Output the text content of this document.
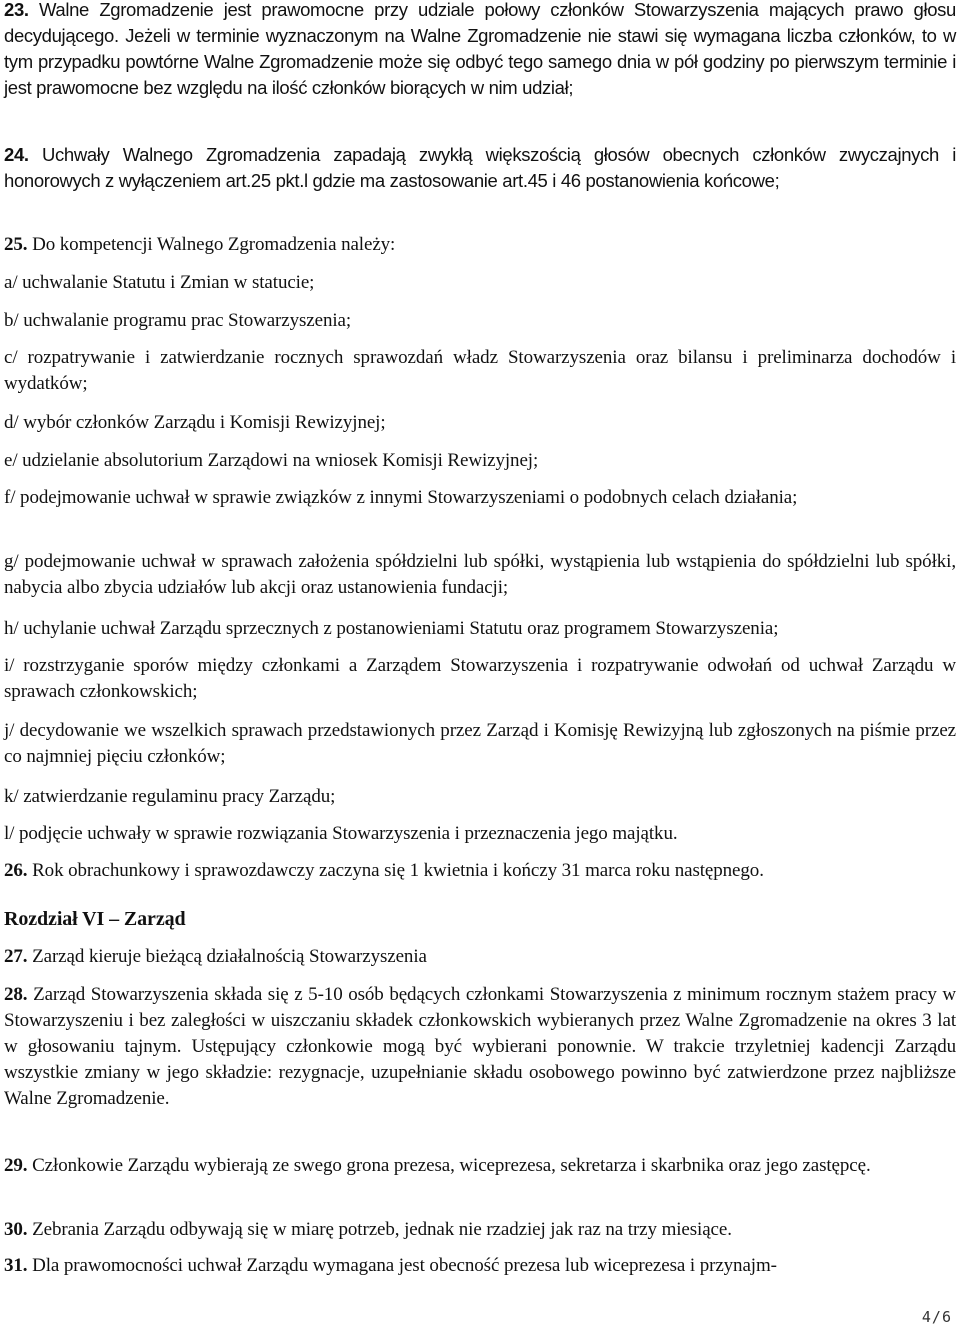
23. Walne Zgromadzenie jest prawomocne przy udziale połowy członków Stowarzyszenia mających prawo głosu decydującego. Jeżeli w terminie wyznaczonym na Walne Zgromadzenie nie stawi się wymagana liczba członków, to w tym przypadku powtórne Walne Zgromadzenie może się odbyć tego samego dnia w pół godziny po pierwszym terminie i jest prawomocne bez względu na ilość członków biorących w nim udział;

24. Uchwały Walnego Zgromadzenia zapadają zwykłą większością głosów obecnych członków zwyczajnych i honorowych z wyłączeniem art.25 pkt.l gdzie ma zastosowanie art.45 i 46 postanowienia końcowe;

25. Do kompetencji Walnego Zgromadzenia należy:

a/ uchwalanie Statutu i Zmian w statucie;

b/ uchwalanie programu prac Stowarzyszenia;

c/ rozpatrywanie i zatwierdzanie rocznych sprawozdań władz Stowarzyszenia oraz bilansu i preliminarza dochodów i wydatków;

d/ wybór członków Zarządu i Komisji Rewizyjnej;

e/ udzielanie absolutorium Zarządowi na wniosek Komisji Rewizyjnej;

f/ podejmowanie uchwał w sprawie związków z innymi Stowarzyszeniami o podobnych celach działania;

g/ podejmowanie uchwał w sprawach założenia spółdzielni lub spółki, wystąpienia lub wstąpienia do spółdzielni lub spółki, nabycia albo zbycia udziałów lub akcji oraz ustanowienia fundacji;

h/ uchylanie uchwał Zarządu sprzecznych z postanowieniami Statutu oraz programem Stowarzyszenia;

i/ rozstrzyganie sporów między członkami a Zarządem Stowarzyszenia i rozpatrywanie odwołań od uchwał Zarządu w sprawach członkowskich;

j/ decydowanie we wszelkich sprawach przedstawionych przez Zarząd i Komisję Rewizyjną lub zgłoszonych na piśmie przez co najmniej pięciu członków;

k/ zatwierdzanie regulaminu pracy Zarządu;

l/ podjęcie uchwały w sprawie rozwiązania Stowarzyszenia i przeznaczenia jego majątku.

26. Rok obrachunkowy i sprawozdawczy zaczyna się 1 kwietnia i kończy 31 marca roku następnego.

Rozdział VI – Zarząd

27. Zarząd kieruje bieżącą działalnością Stowarzyszenia

28. Zarząd Stowarzyszenia składa się z 5-10 osób będących członkami Stowarzyszenia z minimum rocznym stażem pracy w Stowarzyszeniu i bez zaległości w uiszczaniu składek członkowskich wybieranych przez Walne Zgromadzenie na okres 3 lat w głosowaniu tajnym. Ustępujący członkowie mogą być wybierani ponownie. W trakcie trzyletniej kadencji Zarządu wszystkie zmiany w jego składzie: rezygnacje, uzupełnianie składu osobowego powinno być zatwierdzone przez najbliższe Walne Zgromadzenie.

29. Członkowie Zarządu wybierają ze swego grona prezesa, wiceprezesa, sekretarza i skarbnika oraz jego zastępcę.

30. Zebrania Zarządu odbywają się w miarę potrzeb, jednak nie rzadziej jak raz na trzy miesiące.

31. Dla prawomocności uchwał Zarządu wymagana jest obecność prezesa lub wiceprezesa i przynajm-

4/6
